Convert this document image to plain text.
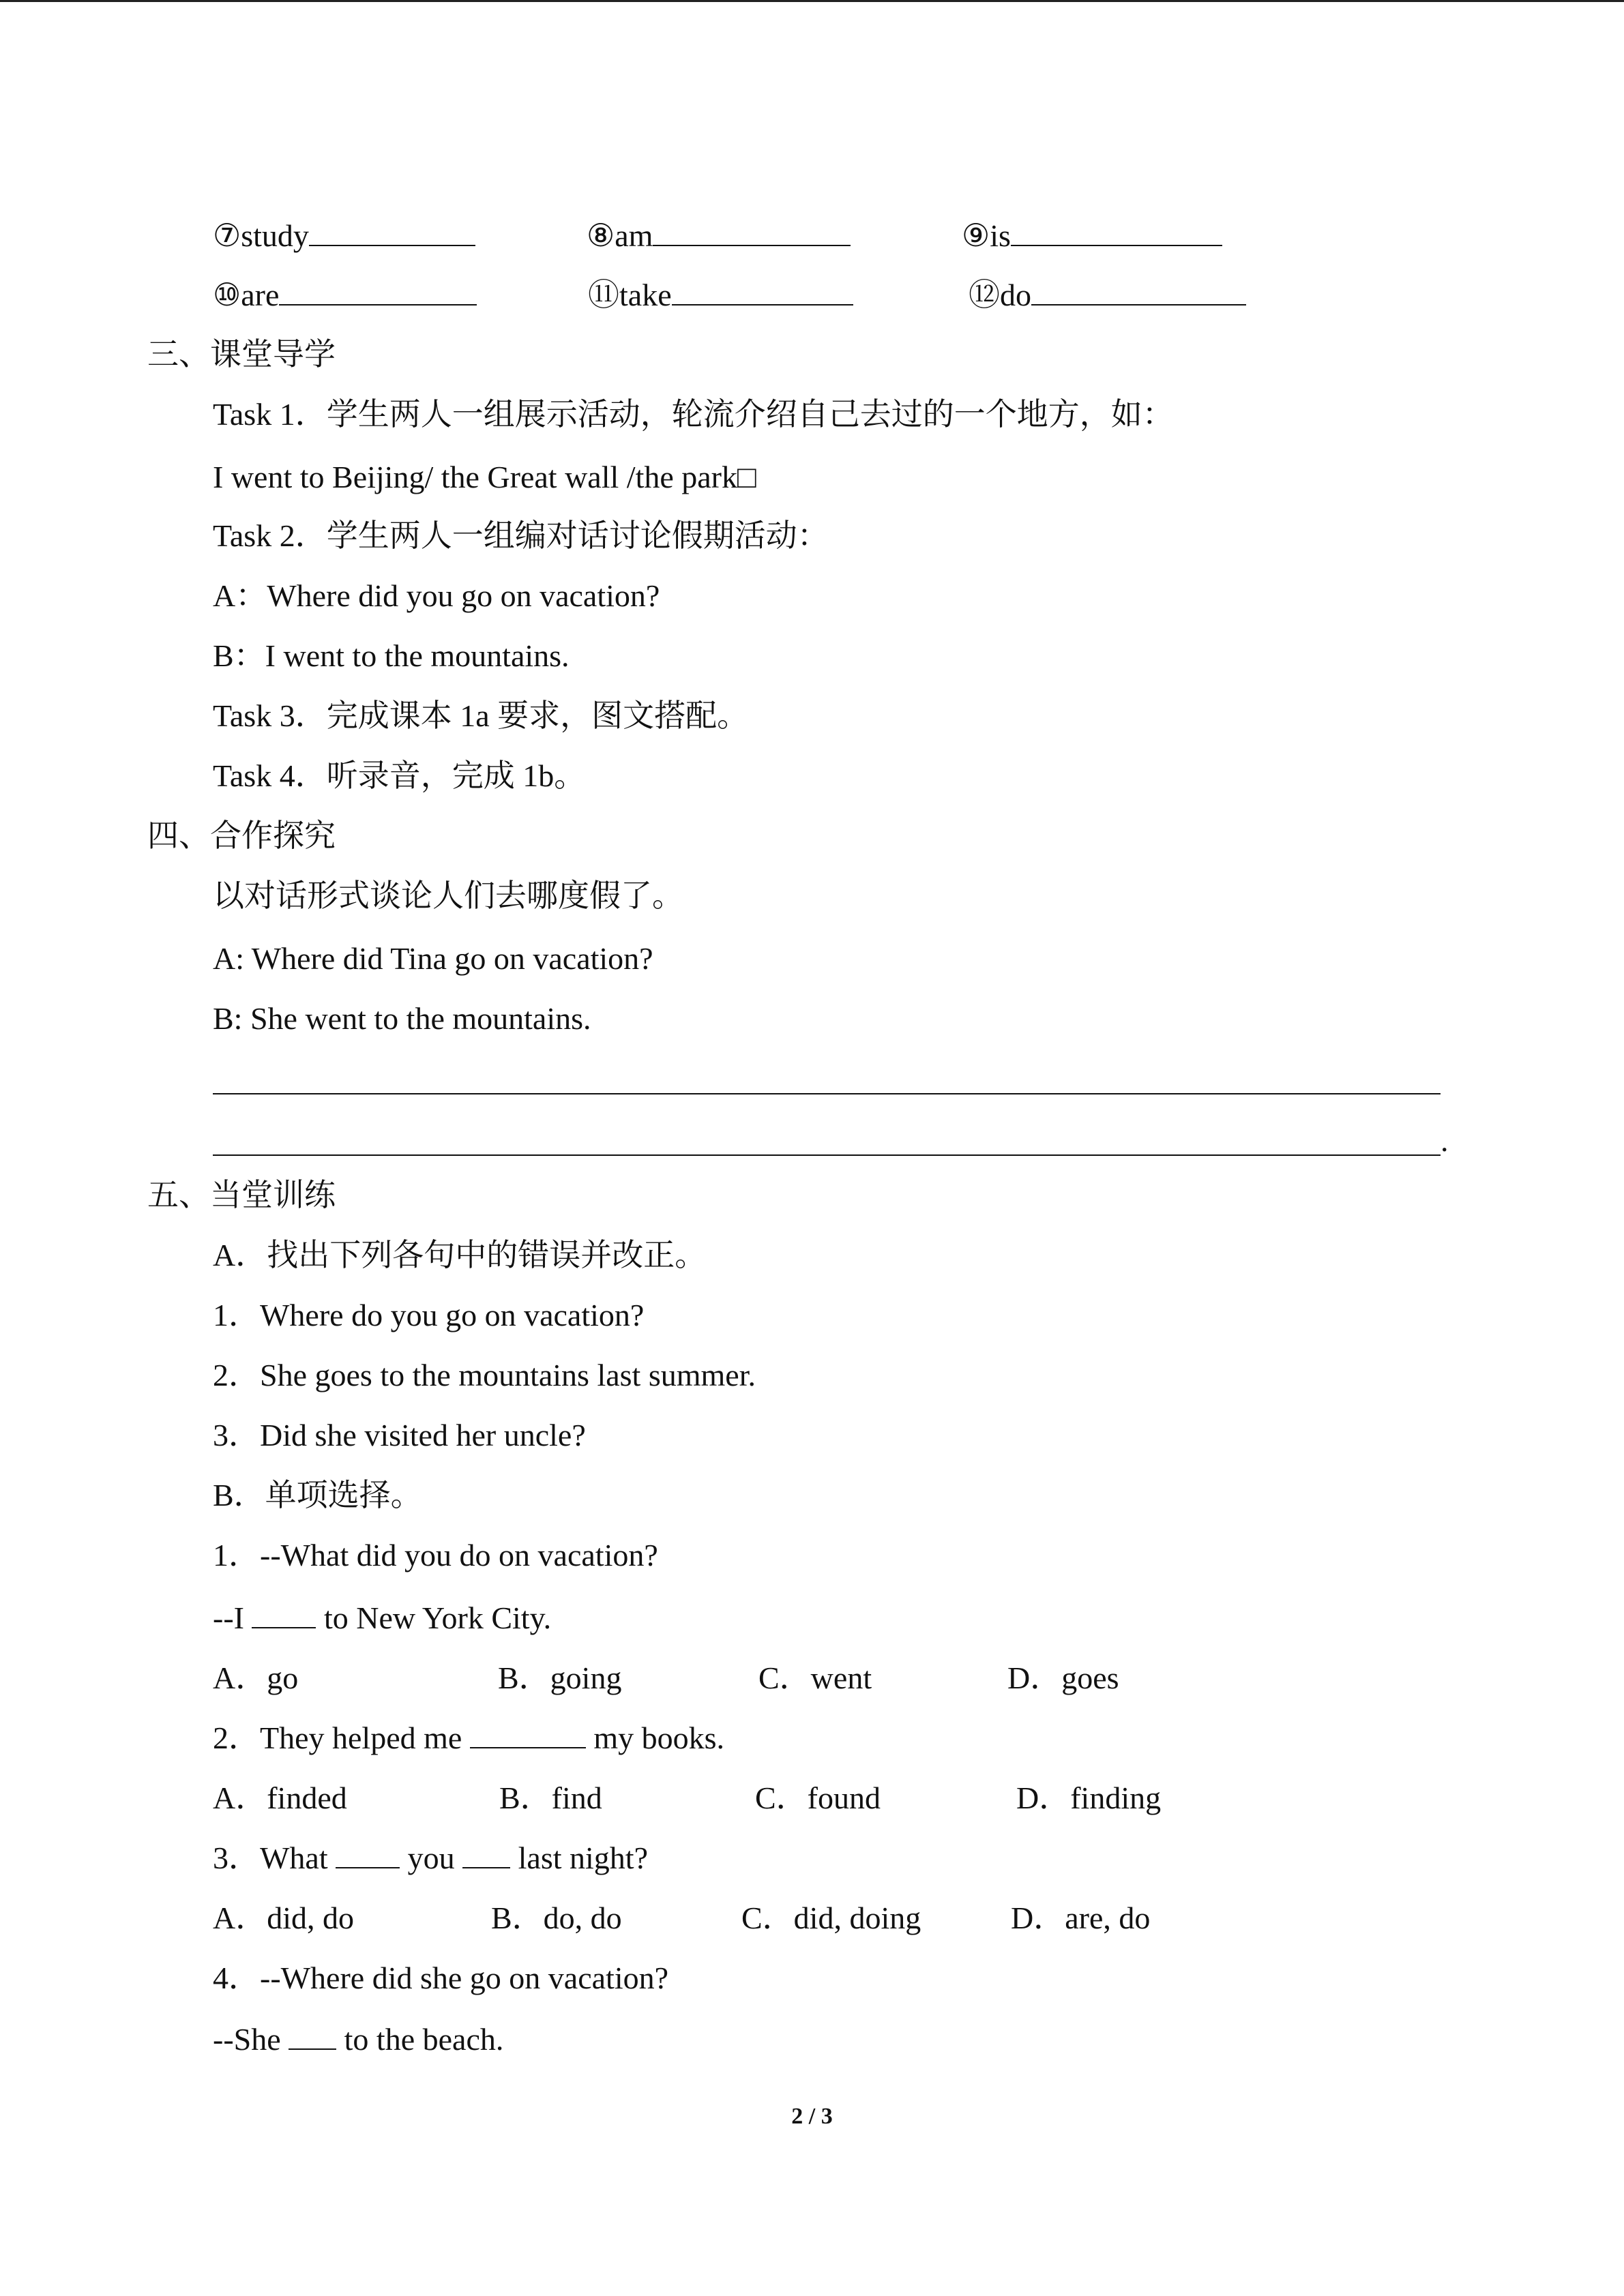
⑦study	⑧am	⑨is
⑩are	⑪take	⑫do
三、课堂导学
Task 1．学生两人一组展示活动，轮流介绍自己去过的一个地方，如：
I went to Beijing/ the Great wall /the park□
Task 2．学生两人一组编对话讨论假期活动：
A：Where did you go on vacation?
B：I went to the mountains.
Task 3．完成课本 1a 要求，图文搭配。
Task 4．听录音，完成 1b。
四、合作探究
以对话形式谈论人们去哪度假了。
A: Where did Tina go on vacation?
B: She went to the mountains.
.
五、当堂训练
A．找出下列各句中的错误并改正。
1．Where do you go on vacation?
2．She goes to the mountains last summer.
3．Did she visited her uncle?
B．单项选择。
1．--What did you do on vacation?
--I  to New York City.
A．go	B．going	C．went	D．goes
2．They helped me	my books.
A．finded	B．find	C．found	D．finding
3．What  you  last night?
A．did, do	B．do, do	C．did, doing	D．are, do
4．--Where did she go on vacation?
--She  to the beach.
2 / 3
